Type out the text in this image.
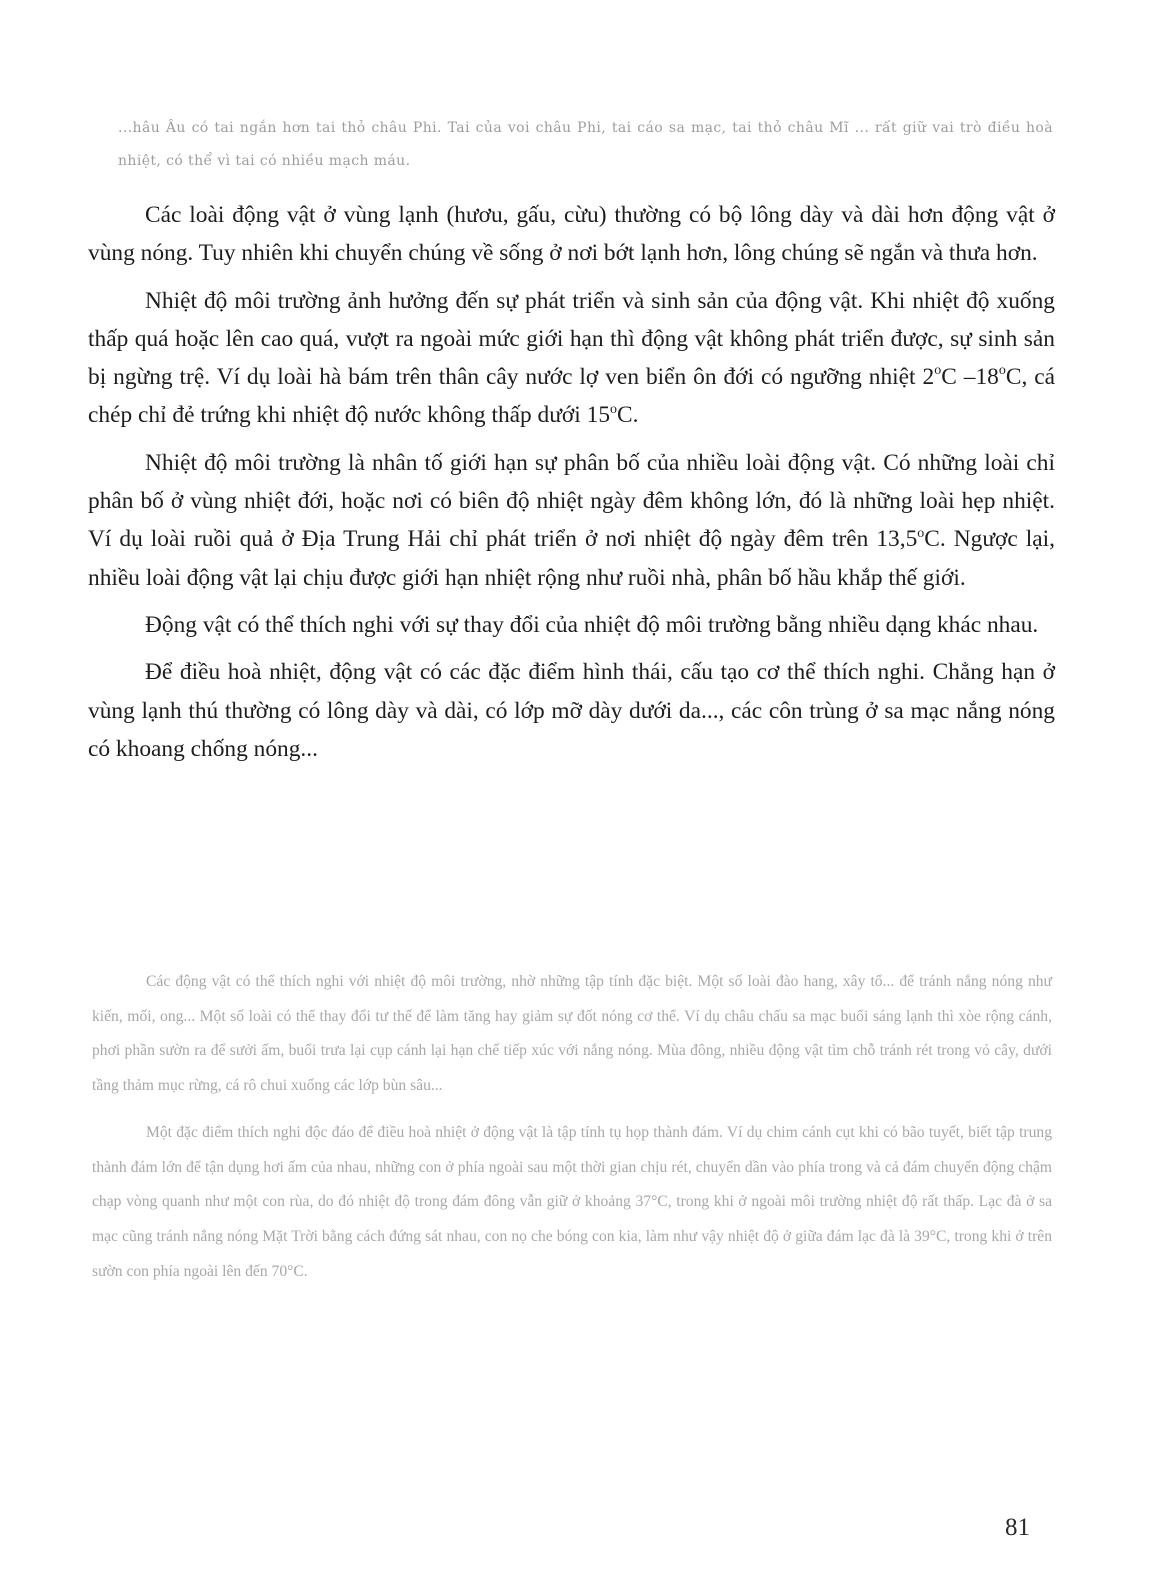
...hâu Âu có tai ngắn hơn tai thỏ châu Phi. Tai của voi châu Phi, tai cáo sa mạc, tai thỏ châu Mĩ ... rất giữ vai trò điều hoà nhiệt, có thể vì tai có nhiều mạch máu.

Các loài động vật ở vùng lạnh (hươu, gấu, cừu) thường có bộ lông dày và dài hơn động vật ở vùng nóng. Tuy nhiên khi chuyển chúng về sống ở nơi bớt lạnh hơn, lông chúng sẽ ngắn và thưa hơn.

Nhiệt độ môi trường ảnh hưởng đến sự phát triển và sinh sản của động vật. Khi nhiệt độ xuống thấp quá hoặc lên cao quá, vượt ra ngoài mức giới hạn thì động vật không phát triển được, sự sinh sản bị ngừng trệ. Ví dụ loài hà bám trên thân cây nước lợ ven biển ôn đới có ngưỡng nhiệt 2$^o$C –18$^o$C, cá chép chỉ đẻ trứng khi nhiệt độ nước không thấp dưới 15$^o$C.

Nhiệt độ môi trường là nhân tố giới hạn sự phân bố của nhiều loài động vật. Có những loài chỉ phân bố ở vùng nhiệt đới, hoặc nơi có biên độ nhiệt ngày đêm không lớn, đó là những loài hẹp nhiệt. Ví dụ loài ruồi quả ở Địa Trung Hải chỉ phát triển ở nơi nhiệt độ ngày đêm trên 13,5$^o$C. Ngược lại, nhiều loài động vật lại chịu được giới hạn nhiệt rộng như ruồi nhà, phân bố hầu khắp thế giới.

Động vật có thể thích nghi với sự thay đổi của nhiệt độ môi trường bằng nhiều dạng khác nhau.

Để điều hoà nhiệt, động vật có các đặc điểm hình thái, cấu tạo cơ thể thích nghi. Chẳng hạn ở vùng lạnh thú thường có lông dày và dài, có lớp mỡ dày dưới da..., các côn trùng ở sa mạc nắng nóng có khoang chống nóng...

Các động vật có thể thích nghi với nhiệt độ môi trường, nhờ những tập tính đặc biệt. Một số loài đào hang, xây tổ... để tránh nắng nóng như kiến, mối, ong... Một số loài có thể thay đổi tư thế để làm tăng hay giảm sự đốt nóng cơ thể. Ví dụ châu chấu sa mạc buổi sáng lạnh thì xòe rộng cánh, phơi phần sườn ra để sưởi ấm, buổi trưa lại cụp cánh lại hạn chế tiếp xúc với nắng nóng. Mùa đông, nhiều động vật tìm chỗ tránh rét trong vỏ cây, dưới tầng thảm mục rừng, cá rô chui xuống các lớp bùn sâu...

Một đặc điểm thích nghi độc đáo để điều hoà nhiệt ở động vật là tập tính tụ họp thành đám. Ví dụ chim cánh cụt khi có bão tuyết, biết tập trung thành đám lớn để tận dụng hơi ấm của nhau, những con ở phía ngoài sau một thời gian chịu rét, chuyển dần vào phía trong và cả đám chuyển động chậm chạp vòng quanh như một con rùa, do đó nhiệt độ trong đám đông vẫn giữ ở khoảng 37°C, trong khi ở ngoài môi trường nhiệt độ rất thấp. Lạc đà ở sa mạc cũng tránh nắng nóng Mặt Trời bằng cách đứng sát nhau, con nọ che bóng con kia, làm như vậy nhiệt độ ở giữa đám lạc đà là 39°C, trong khi ở trên sườn con phía ngoài lên đến 70°C.

81
